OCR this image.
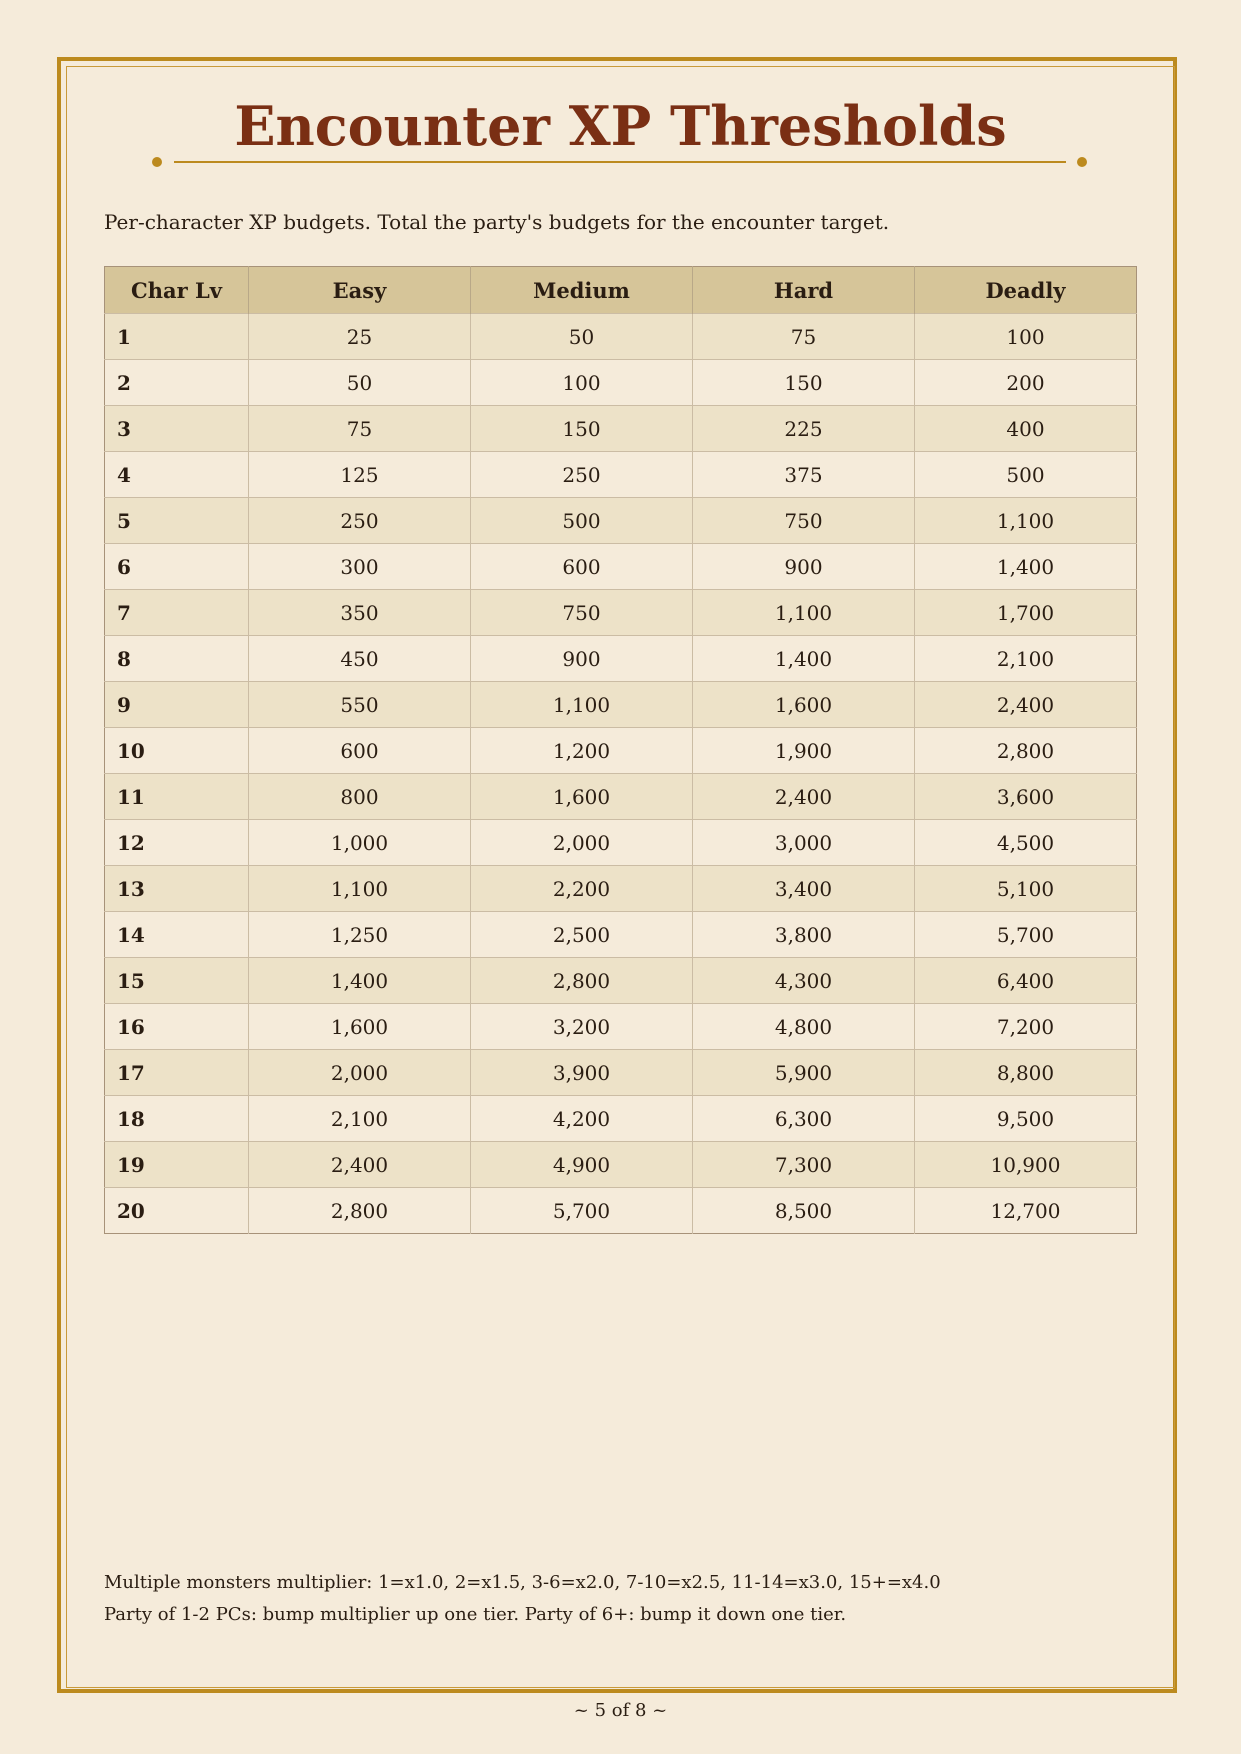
Encounter XP Thresholds

Per-character XP budgets. Total the party's budgets for the encounter target.

Char Lv	Easy	Medium	Hard	Deadly
1	25	50	75	100
2	50	100	150	200
3	75	150	225	400
4	125	250	375	500
5	250	500	750	1,100
6	300	600	900	1,400
7	350	750	1,100	1,700
8	450	900	1,400	2,100
9	550	1,100	1,600	2,400
10	600	1,200	1,900	2,800
11	800	1,600	2,400	3,600
12	1,000	2,000	3,000	4,500
13	1,100	2,200	3,400	5,100
14	1,250	2,500	3,800	5,700
15	1,400	2,800	4,300	6,400
16	1,600	3,200	4,800	7,200
17	2,000	3,900	5,900	8,800
18	2,100	4,200	6,300	9,500
19	2,400	4,900	7,300	10,900
20	2,800	5,700	8,500	12,700

Multiple monsters multiplier: 1=x1.0, 2=x1.5, 3-6=x2.0, 7-10=x2.5, 11-14=x3.0, 15+=x4.0

Party of 1-2 PCs: bump multiplier up one tier. Party of 6+: bump it down one tier.

~ 5 of 8 ~
